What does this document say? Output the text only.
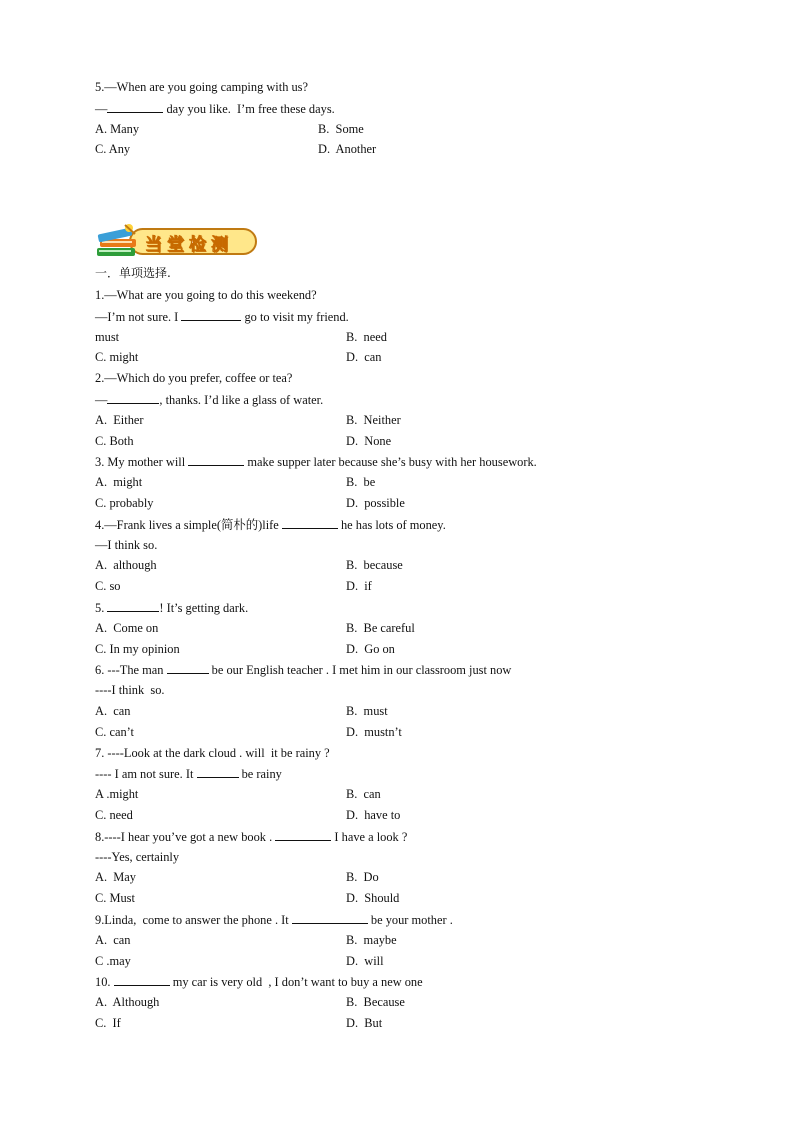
5.—When are you going camping with us?
—	day you like.  I’m free these days.
A. Many	B.  Some
C. Any	D.  Another
当堂检测
一．单项选择.
1.—What are you going to do this weekend?
—I’m not sure. I	go to visit my friend.
must	B.  need
C. might	D.  can
2.—Which do you prefer, coffee or tea?
—	, thanks. I’d like a glass of water.
A.  Either	B.  Neither
C. Both	D.  None
3. My mother will	make supper later because she’s busy with her housework.
A.  might	B.  be
C. probably	D.  possible
4.—Frank lives a simple(简朴的)life	he has lots of money.
—I think so.
A.  although	B.  because
C. so	D.  if
5.	! It’s getting dark.
A.  Come on	B.  Be careful
C. In my opinion	D.  Go on
6. ---The man	be our English teacher . I met him in our classroom just now
----I think  so.
A.  can	B.  must
C. can’t	D.  mustn’t
7. ----Look at the dark cloud . will  it be rainy ?
---- I am not sure. It	be rainy
A .might	B.  can
C. need	D.  have to
8.----I hear you’ve got a new book .	I have a look ?
----Yes, certainly
A.  May	B.  Do
C. Must	D.  Should
9.Linda,  come to answer the phone . It	be your mother .
A.  can	B.  maybe
C .may	D.  will
10.	my car is very old  , I don’t want to buy a new one
A.  Although	B.  Because
C.  If	D.  But
